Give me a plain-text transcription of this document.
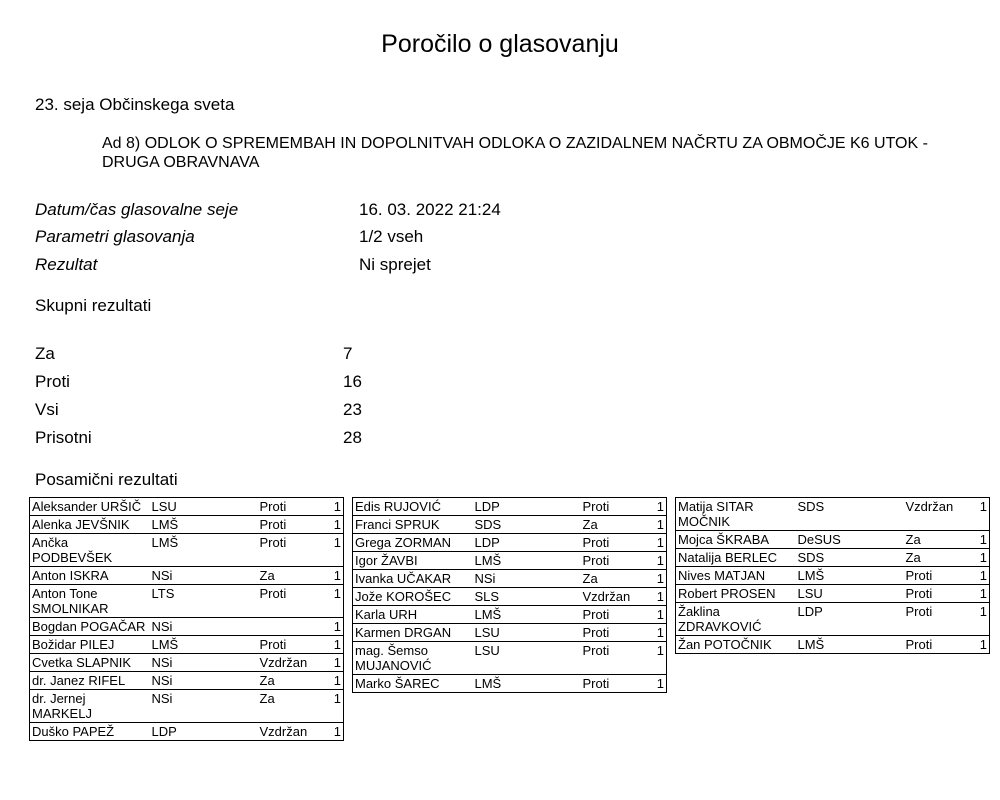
Poročilo o glasovanju
23. seja Občinskega sveta
Ad 8) ODLOK O SPREMEMBAH IN DOPOLNITVAH ODLOKA O ZAZIDALNEM NAČRTU ZA OBMOČJE K6 UTOK - DRUGA OBRAVNAVA
Datum/čas glasovalne seje	16. 03. 2022 21:24
Parametri glasovanja	1/2 vseh
Rezultat	Ni sprejet
Skupni rezultati
Za	7
Proti	16
Vsi	23
Prisotni	28
Posamični rezultati
Aleksander URŠIČ	LSU	Proti	1
Alenka JEVŠNIK	LMŠ	Proti	1
Ančka PODBEVŠEK	LMŠ	Proti	1
Anton ISKRA	NSi	Za	1
Anton Tone SMOLNIKAR	LTS	Proti	1
Bogdan POGAČAR	NSi		1
Božidar PILEJ	LMŠ	Proti	1
Cvetka SLAPNIK	NSi	Vzdržan	1
dr. Janez RIFEL	NSi	Za	1
dr. Jernej MARKELJ	NSi	Za	1
Duško PAPEŽ	LDP	Vzdržan	1
Edis RUJOVIĆ	LDP	Proti	1
Franci SPRUK	SDS	Za	1
Grega ZORMAN	LDP	Proti	1
Igor ŽAVBI	LMŠ	Proti	1
Ivanka UČAKAR	NSi	Za	1
Jože KOROŠEC	SLS	Vzdržan	1
Karla URH	LMŠ	Proti	1
Karmen DRGAN	LSU	Proti	1
mag. Šemso MUJANOVIĆ	LSU	Proti	1
Marko ŠAREC	LMŠ	Proti	1
Matija SITAR MOČNIK	SDS	Vzdržan	1
Mojca ŠKRABA	DeSUS	Za	1
Natalija BERLEC	SDS	Za	1
Nives MATJAN	LMŠ	Proti	1
Robert PROSEN	LSU	Proti	1
Žaklina ZDRAVKOVIĆ	LDP	Proti	1
Žan POTOČNIK	LMŠ	Proti	1
